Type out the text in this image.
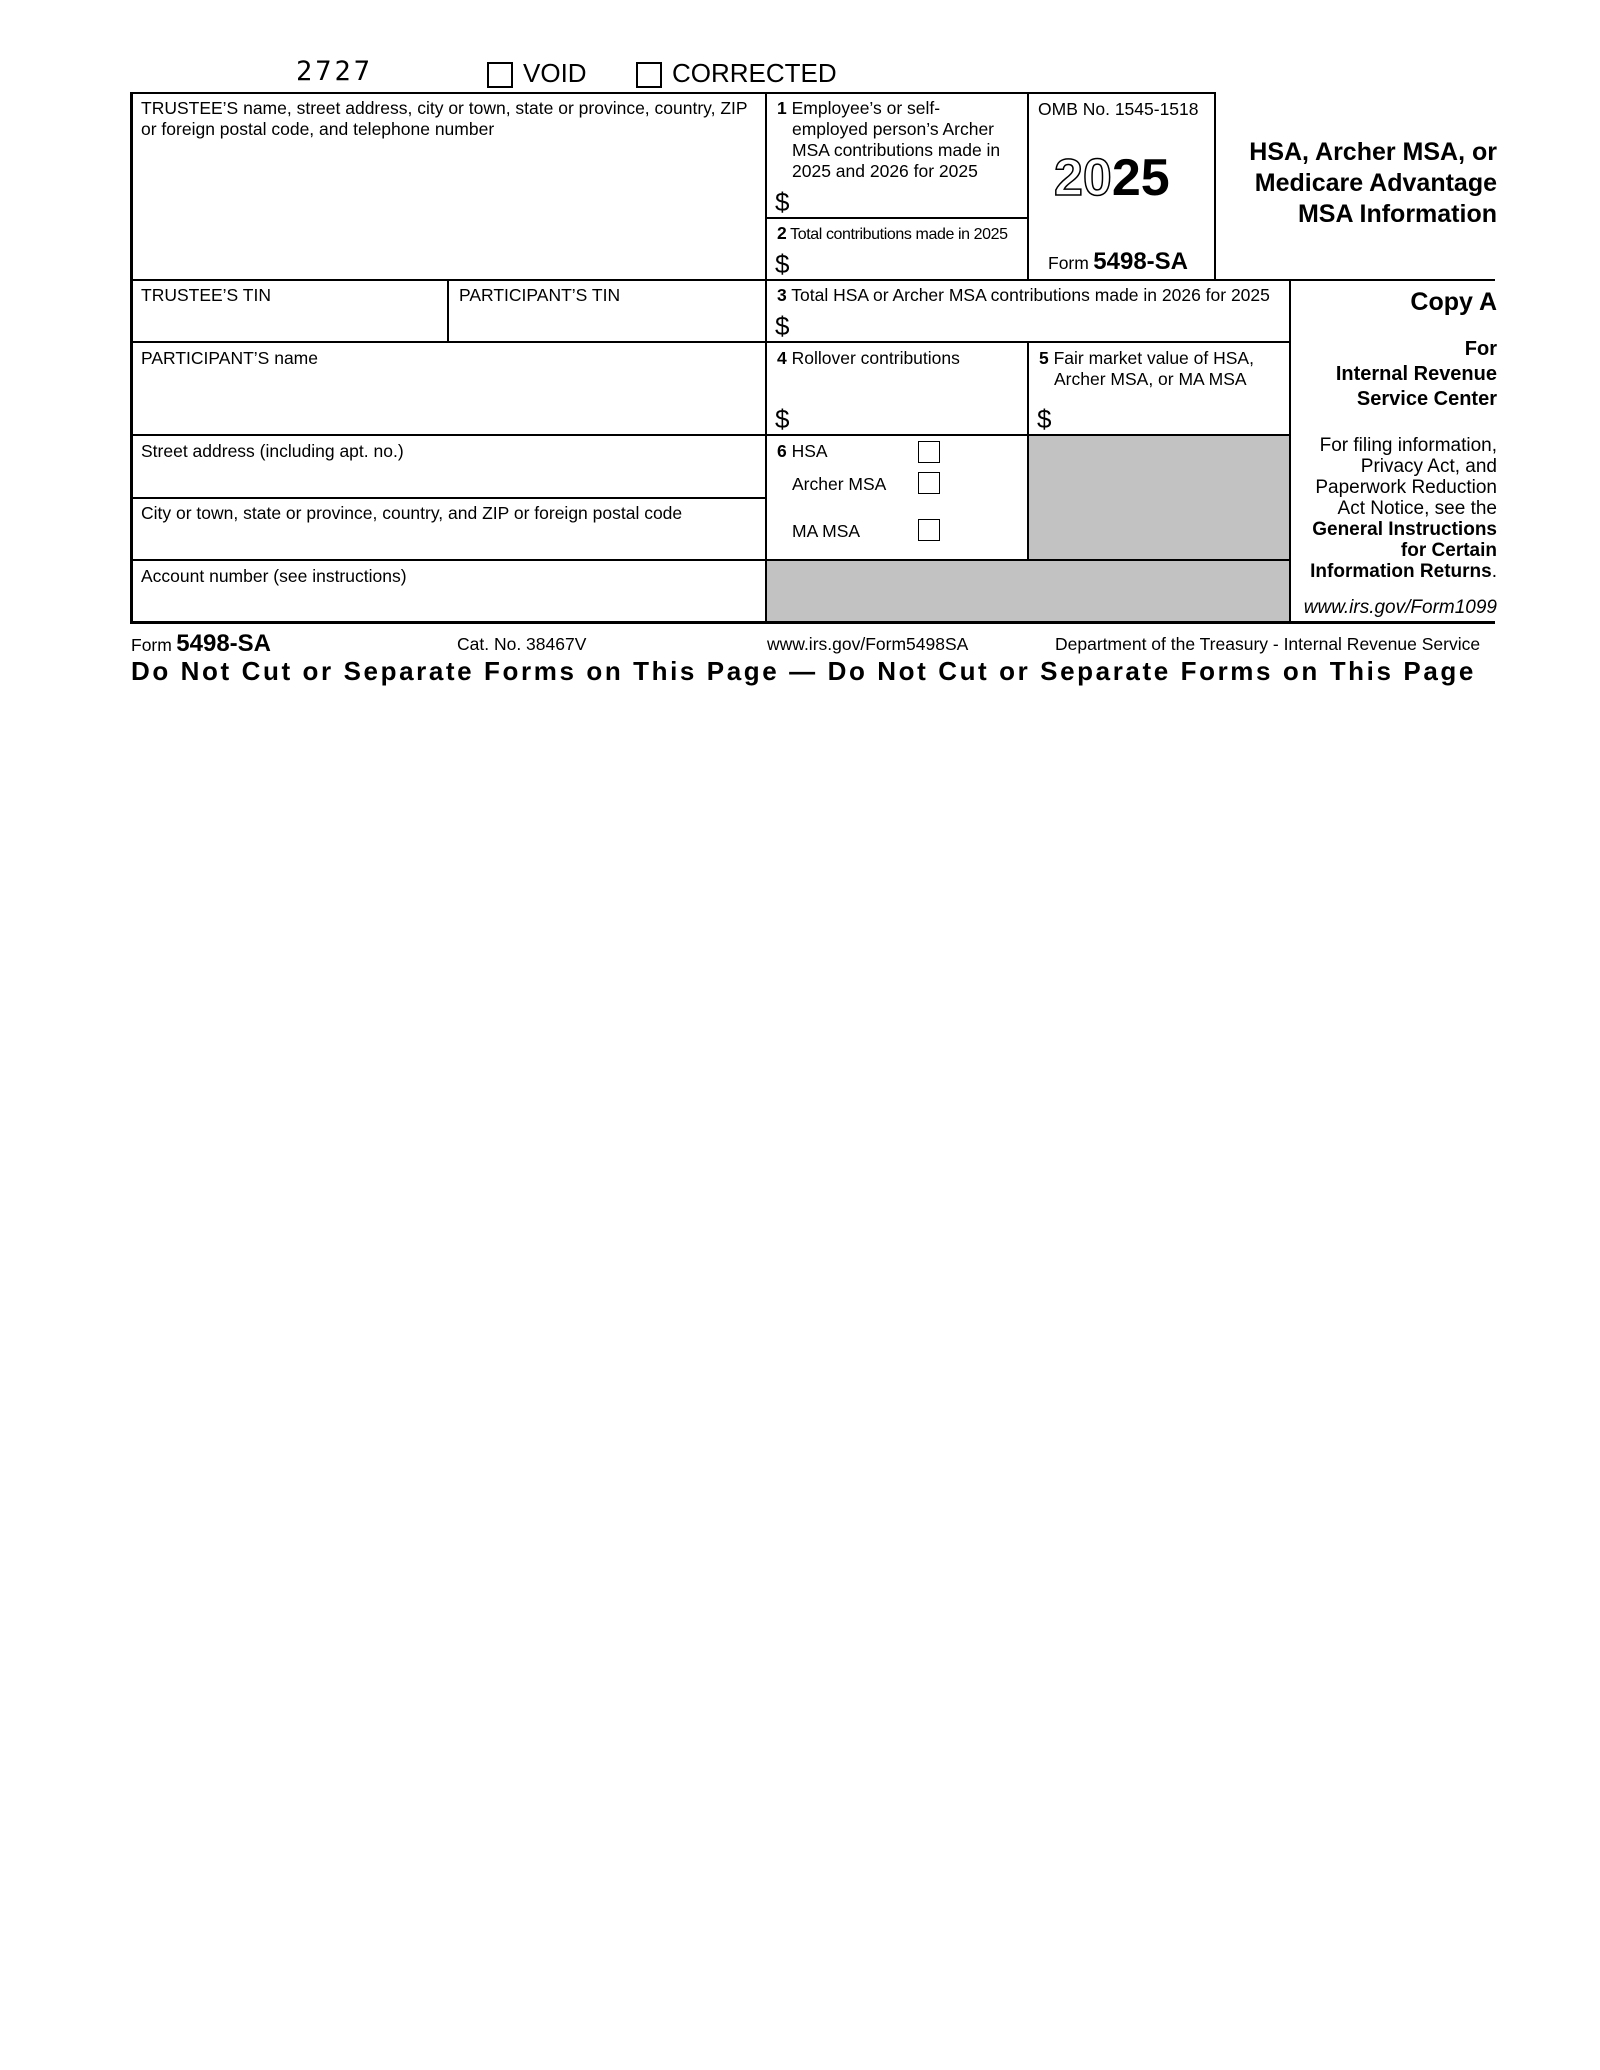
2727	VOID	CORRECTED
TRUSTEE’S name, street address, city or town, state or province, country, ZIP or foreign postal code, and telephone number
1 Employee’s or self-
employed person’s Archer
MSA contributions made in
2025 and 2026 for 2025
$
2 Total contributions made in 2025
$
OMB No. 1545-1518
2025
Form 5498-SA
HSA, Archer MSA, or
Medicare Advantage
MSA Information
TRUSTEE’S TIN	PARTICIPANT’S TIN	3 Total HSA or Archer MSA contributions made in 2026 for 2025
$
Copy A
For
Internal Revenue
Service Center
For filing information,
Privacy Act, and
Paperwork Reduction
Act Notice, see the
General Instructions
for Certain
Information Returns.
www.irs.gov/Form1099
PARTICIPANT’S name	4 Rollover contributions
$
5 Fair market value of HSA,
Archer MSA, or MA MSA
$
Street address (including apt. no.)
City or town, state or province, country, and ZIP or foreign postal code
6 HSA
Archer MSA
MA MSA
Account number (see instructions)
Form 5498-SA	Cat. No. 38467V	www.irs.gov/Form5498SA	Department of the Treasury - Internal Revenue Service
Do Not Cut or Separate Forms on This Page — Do Not Cut or Separate Forms on This Page
